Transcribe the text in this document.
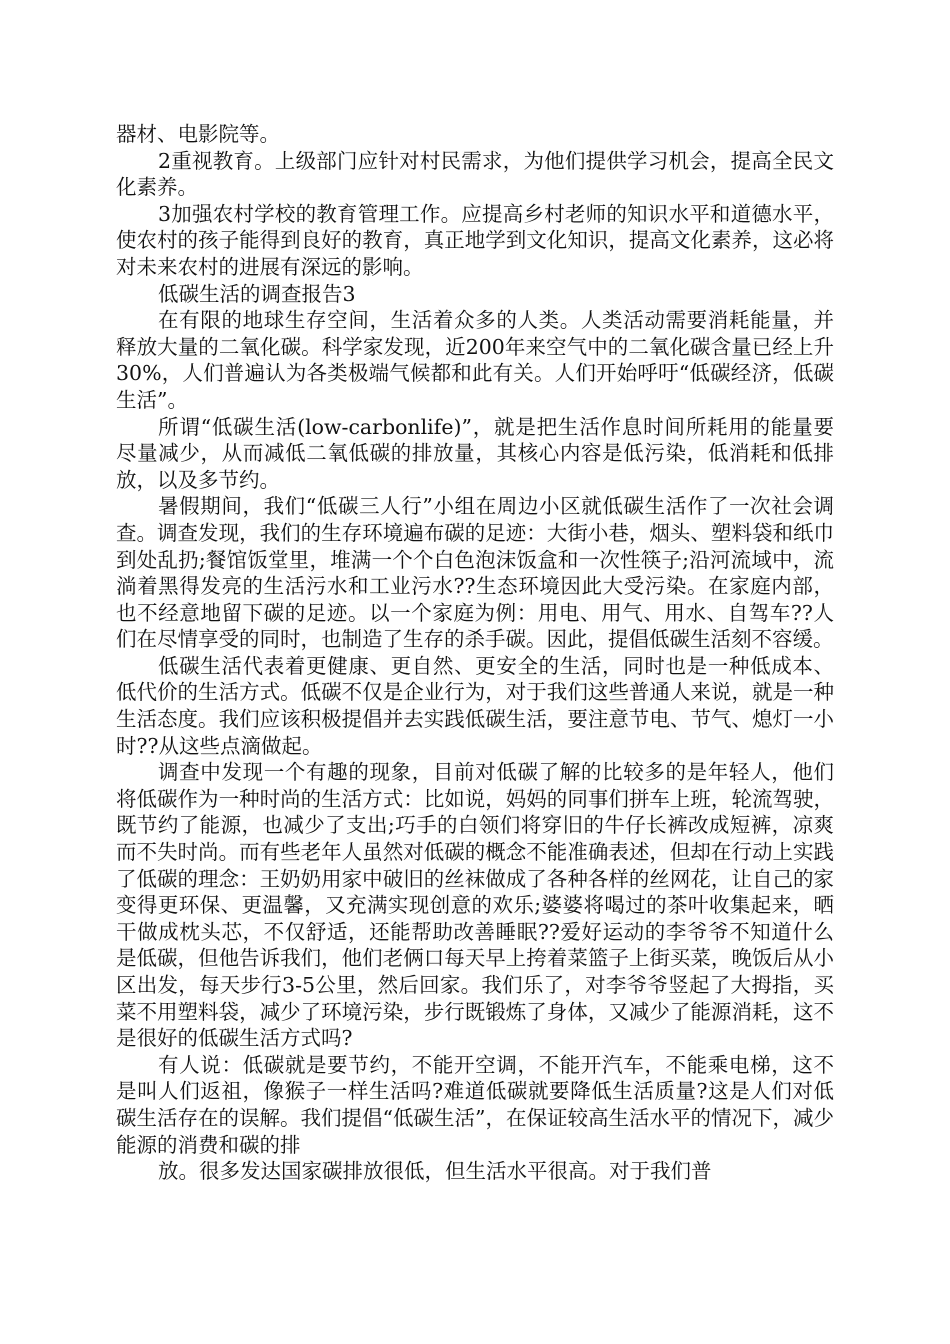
器材、电影院等。

2重视教育。上级部门应针对村民需求，为他们提供学习机会，提高全民文化素养。

3加强农村学校的教育管理工作。应提高乡村老师的知识水平和道德水平，使农村的孩子能得到良好的教育，真正地学到文化知识，提高文化素养，这必将对未来农村的进展有深远的影响。

低碳生活的调查报告3

在有限的地球生存空间，生活着众多的人类。人类活动需要消耗能量，并释放大量的二氧化碳。科学家发现，近200年来空气中的二氧化碳含量已经上升30%，人们普遍认为各类极端气候都和此有关。人们开始呼吁“低碳经济，低碳生活”。

所谓“低碳生活(low-carbonlife)”，就是把生活作息时间所耗用的能量要尽量减少，从而减低二氧低碳的排放量，其核心内容是低污染，低消耗和低排放，以及多节约。

暑假期间，我们“低碳三人行”小组在周边小区就低碳生活作了一次社会调查。调查发现，我们的生存环境遍布碳的足迹：大街小巷，烟头、塑料袋和纸巾到处乱扔;餐馆饭堂里，堆满一个个白色泡沫饭盒和一次性筷子;沿河流域中，流淌着黑得发亮的生活污水和工业污水??生态环境因此大受污染。在家庭内部，也不经意地留下碳的足迹。以一个家庭为例：用电、用气、用水、自驾车??人们在尽情享受的同时，也制造了生存的杀手碳。因此，提倡低碳生活刻不容缓。

低碳生活代表着更健康、更自然、更安全的生活，同时也是一种低成本、低代价的生活方式。低碳不仅是企业行为，对于我们这些普通人来说，就是一种生活态度。我们应该积极提倡并去实践低碳生活，要注意节电、节气、熄灯一小时??从这些点滴做起。

调查中发现一个有趣的现象，目前对低碳了解的比较多的是年轻人，他们将低碳作为一种时尚的生活方式：比如说，妈妈的同事们拼车上班，轮流驾驶，既节约了能源，也减少了支出;巧手的白领们将穿旧的牛仔长裤改成短裤，凉爽而不失时尚。而有些老年人虽然对低碳的概念不能准确表述，但却在行动上实践了低碳的理念：王奶奶用家中破旧的丝袜做成了各种各样的丝网花，让自己的家变得更环保、更温馨，又充满实现创意的欢乐;婆婆将喝过的茶叶收集起来，晒干做成枕头芯，不仅舒适，还能帮助改善睡眠??爱好运动的李爷爷不知道什么是低碳，但他告诉我们，他们老俩口每天早上挎着菜篮子上街买菜，晚饭后从小区出发，每天步行3-5公里，然后回家。我们乐了，对李爷爷竖起了大拇指，买菜不用塑料袋，减少了环境污染，步行既锻炼了身体，又减少了能源消耗，这不是很好的低碳生活方式吗?

有人说：低碳就是要节约，不能开空调，不能开汽车，不能乘电梯，这不是叫人们返祖，像猴子一样生活吗?难道低碳就要降低生活质量?这是人们对低碳生活存在的误解。我们提倡“低碳生活”，在保证较高生活水平的情况下，减少能源的消费和碳的排

放。很多发达国家碳排放很低，但生活水平很高。对于我们普
